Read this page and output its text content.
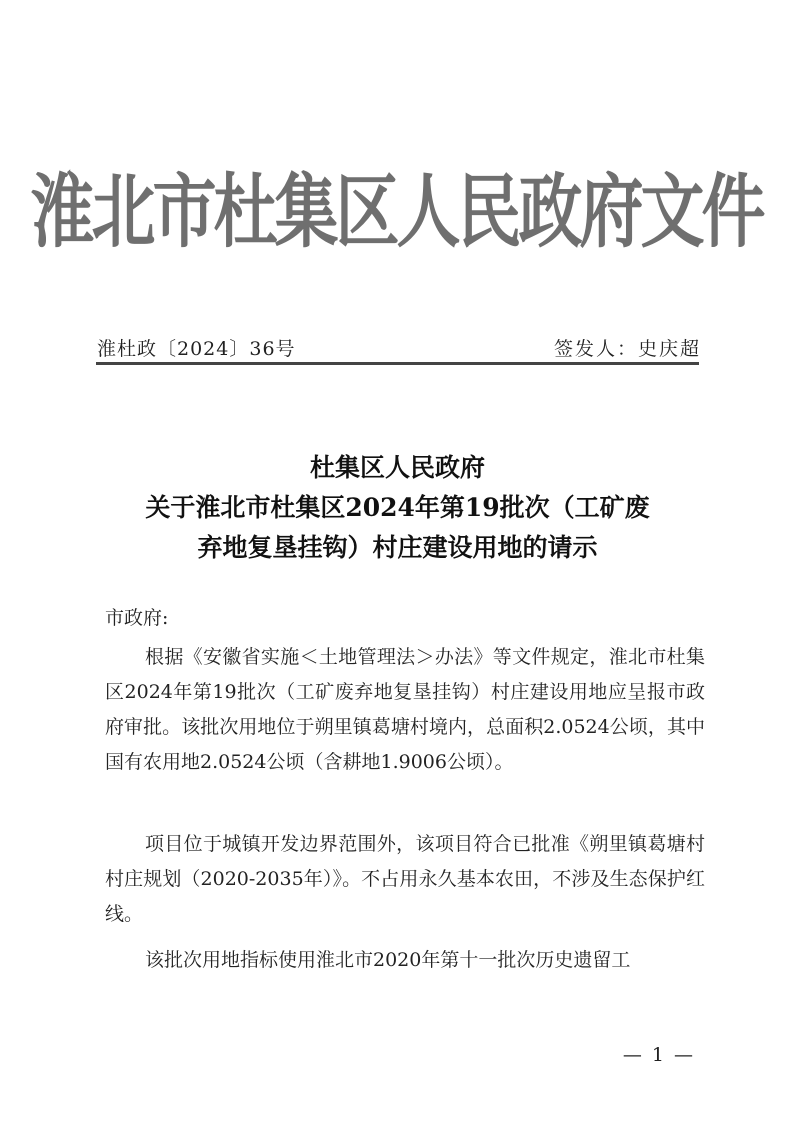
淮北市杜集区人民政府文件
淮杜政〔2024〕36号	签发人：史庆超
杜集区人民政府
关于淮北市杜集区2024年第19批次（工矿废
弃地复垦挂钩）村庄建设用地的请示
市政府:

根据《安徽省实施＜土地管理法＞办法》等文件规定，淮北市杜集区2024年第19批次（工矿废弃地复垦挂钩）村庄建设用地应呈报市政府审批。该批次用地位于朔里镇葛塘村境内，总面积2.0524公顷，其中国有农用地2.0524公顷（含耕地1.9006公顷）。

项目位于城镇开发边界范围外，该项目符合已批准《朔里镇葛塘村村庄规划（2020-2035年）》。不占用永久基本农田，不涉及生态保护红线。

该批次用地指标使用淮北市2020年第十一批次历史遗留工

— 1 —
